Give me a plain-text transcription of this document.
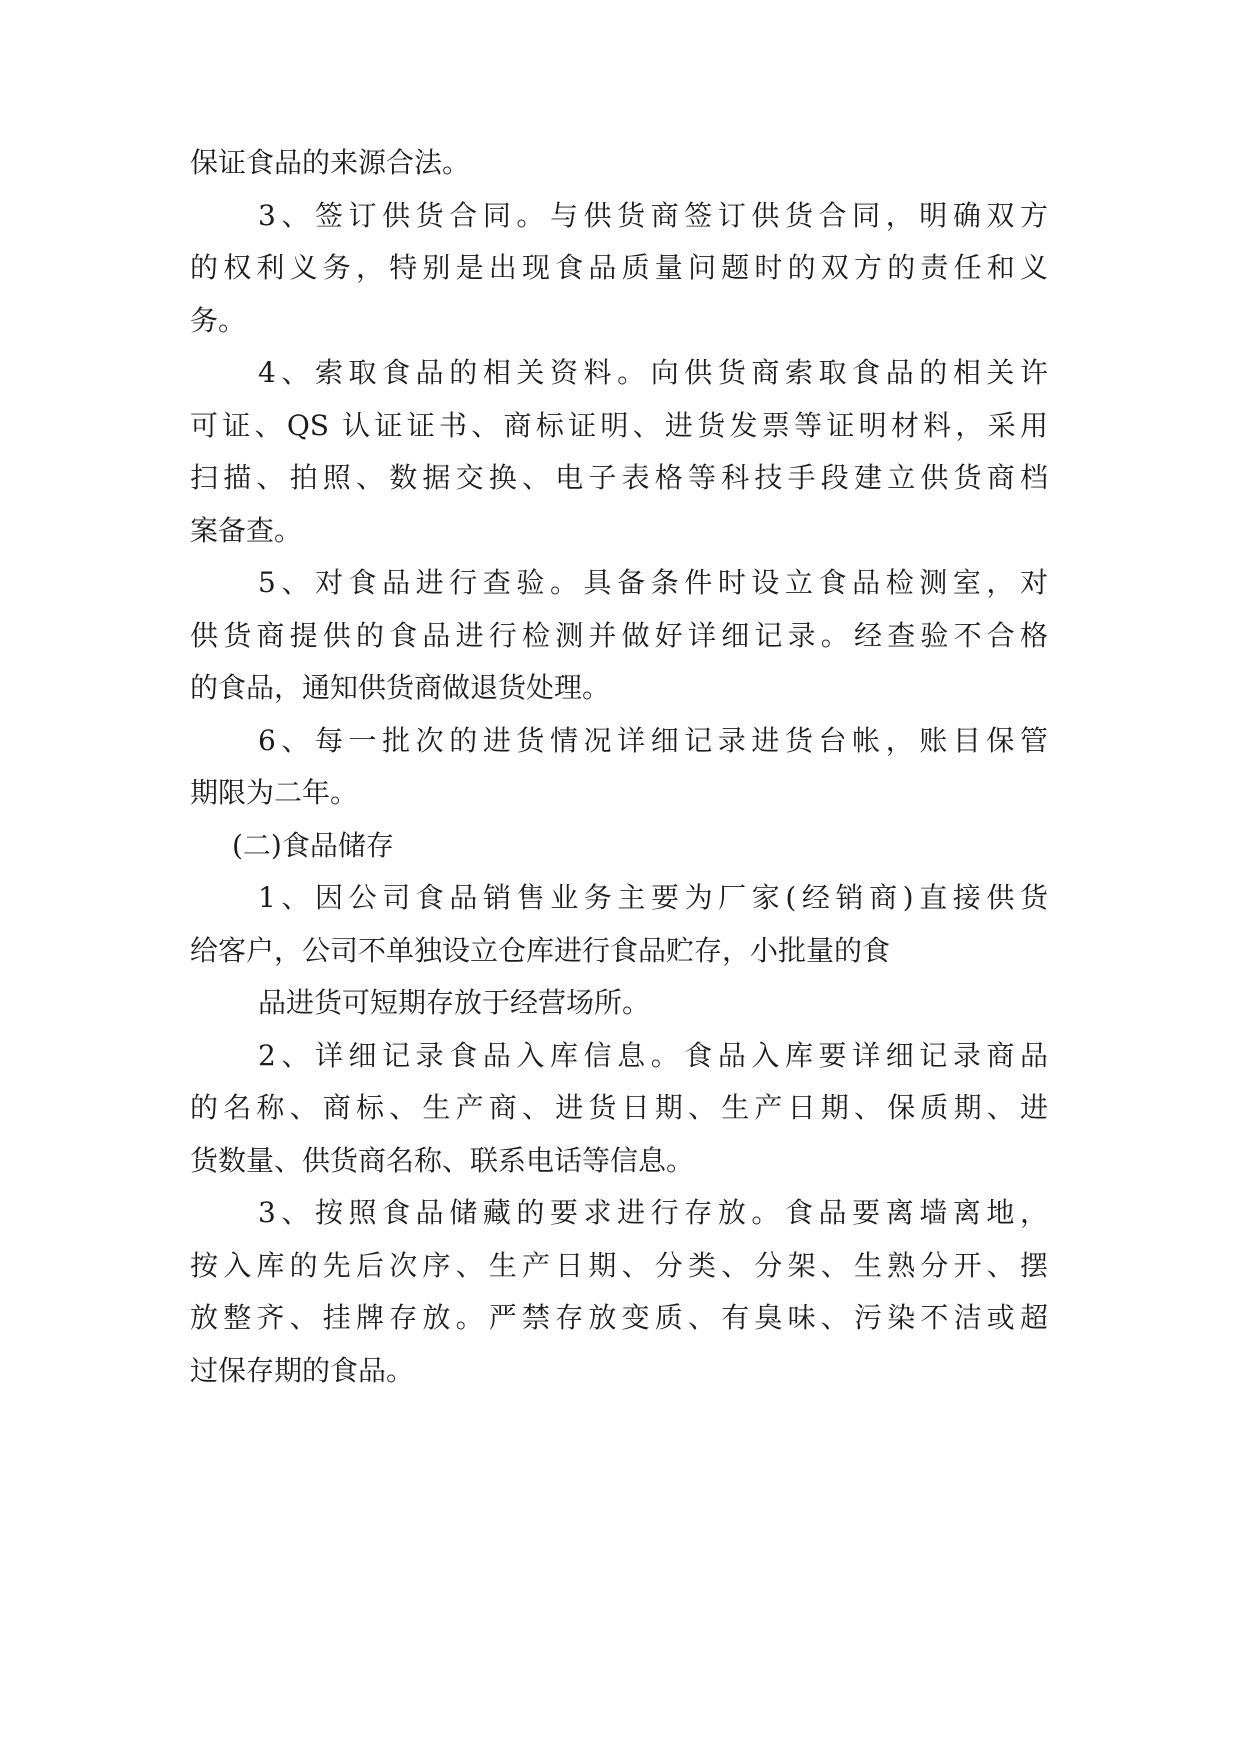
保证食品的来源合法。
3、签订供货合同。与供货商签订供货合同，明确双方
的权利义务，特别是出现食品质量问题时的双方的责任和义
务。
4、索取食品的相关资料。向供货商索取食品的相关许
可证、QS 认证证书、商标证明、进货发票等证明材料，采用
扫描、拍照、数据交换、电子表格等科技手段建立供货商档
案备查。
5、对食品进行查验。具备条件时设立食品检测室，对
供货商提供的食品进行检测并做好详细记录。经查验不合格
的食品，通知供货商做退货处理。
6、每一批次的进货情况详细记录进货台帐，账目保管
期限为二年。
(二)食品储存
1、因公司食品销售业务主要为厂家(经销商)直接供货
给客户，公司不单独设立仓库进行食品贮存，小批量的食
品进货可短期存放于经营场所。
2、详细记录食品入库信息。食品入库要详细记录商品
的名称、商标、生产商、进货日期、生产日期、保质期、进
货数量、供货商名称、联系电话等信息。
3、按照食品储藏的要求进行存放。食品要离墙离地，
按入库的先后次序、生产日期、分类、分架、生熟分开、摆
放整齐、挂牌存放。严禁存放变质、有臭味、污染不洁或超
过保存期的食品。
